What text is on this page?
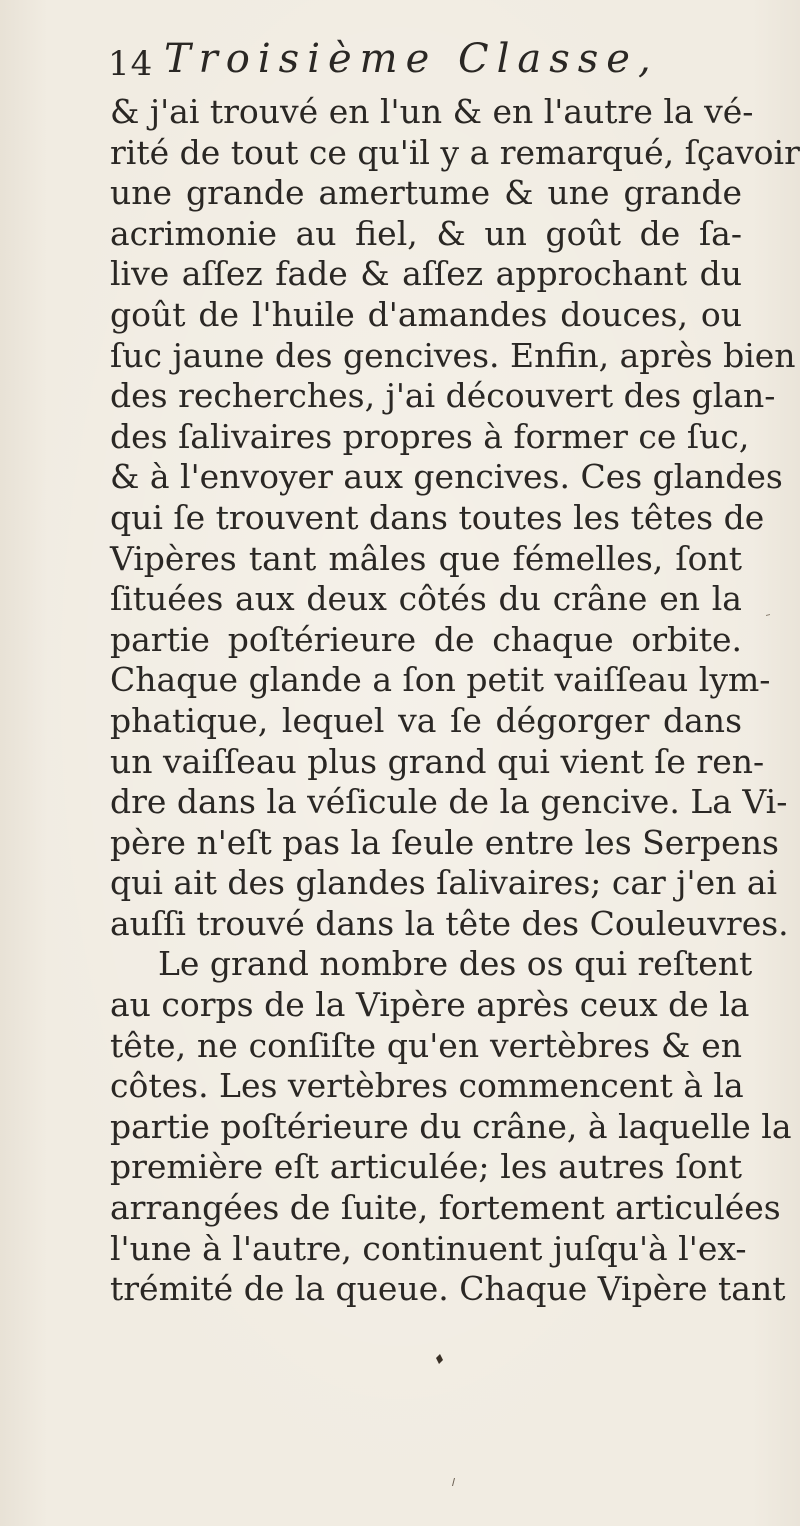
14 Troisième Classe,
& j'ai trouvé en l'un & en l'autre la vé-
rité de tout ce qu'il y a remarqué, ſçavoir
une grande amertume & une grande
acrimonie au fiel, & un goût de ſa-
live aſſez fade & aſſez approchant du
goût de l'huile d'amandes douces, ou
ſuc jaune des gencives. Enfin, après bien
des recherches, j'ai découvert des glan-
des ſalivaires propres à former ce ſuc,
& à l'envoyer aux gencives. Ces glandes
qui ſe trouvent dans toutes les têtes de
Vipères tant mâles que fémelles, ſont
ſituées aux deux côtés du crâne en la
partie poſtérieure de chaque orbite.
Chaque glande a ſon petit vaiſſeau lym-
phatique, lequel va ſe dégorger dans
un vaiſſeau plus grand qui vient ſe ren-
dre dans la véſicule de la gencive. La Vi-
père n'eſt pas la ſeule entre les Serpens
qui ait des glandes ſalivaires; car j'en ai
auſſi trouvé dans la tête des Couleuvres.
Le grand nombre des os qui reſtent
au corps de la Vipère après ceux de la
tête, ne conſiſte qu'en vertèbres & en
côtes. Les vertèbres commencent à la
partie poſtérieure du crâne, à laquelle la
première eſt articulée; les autres ſont
arrangées de ſuite, fortement articulées
l'une à l'autre, continuent juſqu'à l'ex-
trémité de la queue. Chaque Vipère tant
